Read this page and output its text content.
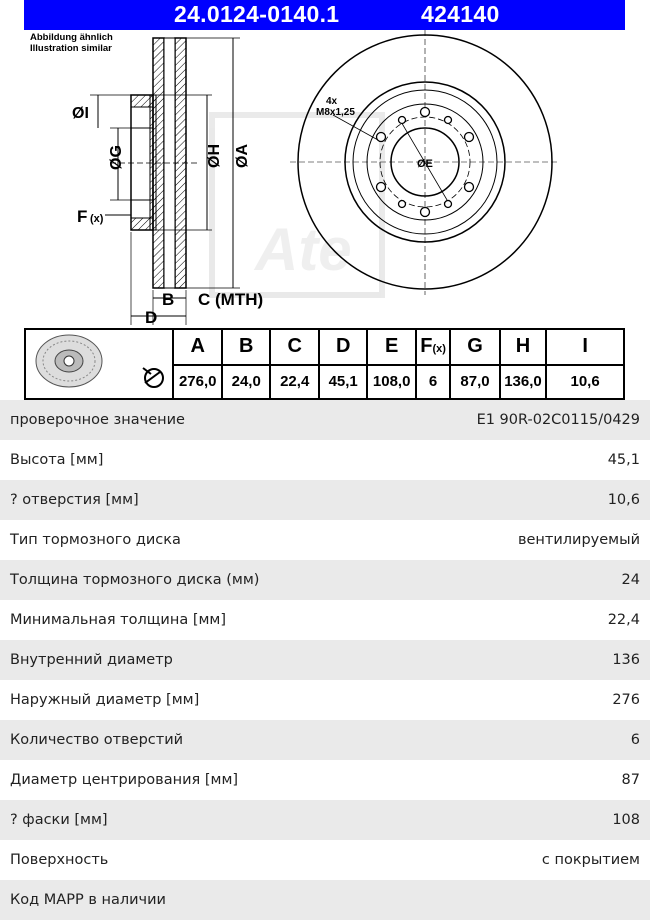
24.0124-0140.1	424140
Ate
ØI
ØG	ØH ØA
F (x)
B C (MTH)
D
4x
M8x1,25
ØE
Abbildung ähnlich
Illustration similar
	A	B	C	D	E	F(x)	G	H	I
	276,0	24,0	22,4	45,1	108,0	6	87,0	136,0	10,6
проверочное значение	E1 90R-02C0115/0429
Высота [мм]	45,1
? отверстия [мм]	10,6
Тип тормозного диска	вентилируемый
Толщина тормозного диска (мм)	24
Минимальная толщина [мм]	22,4
Внутренний диаметр	136
Наружный диаметр [мм]	276
Количество отверстий	6
Диаметр центрирования [мм]	87
? фаски [мм]	108
Поверхность	с покрытием
Код MAPP в наличии
